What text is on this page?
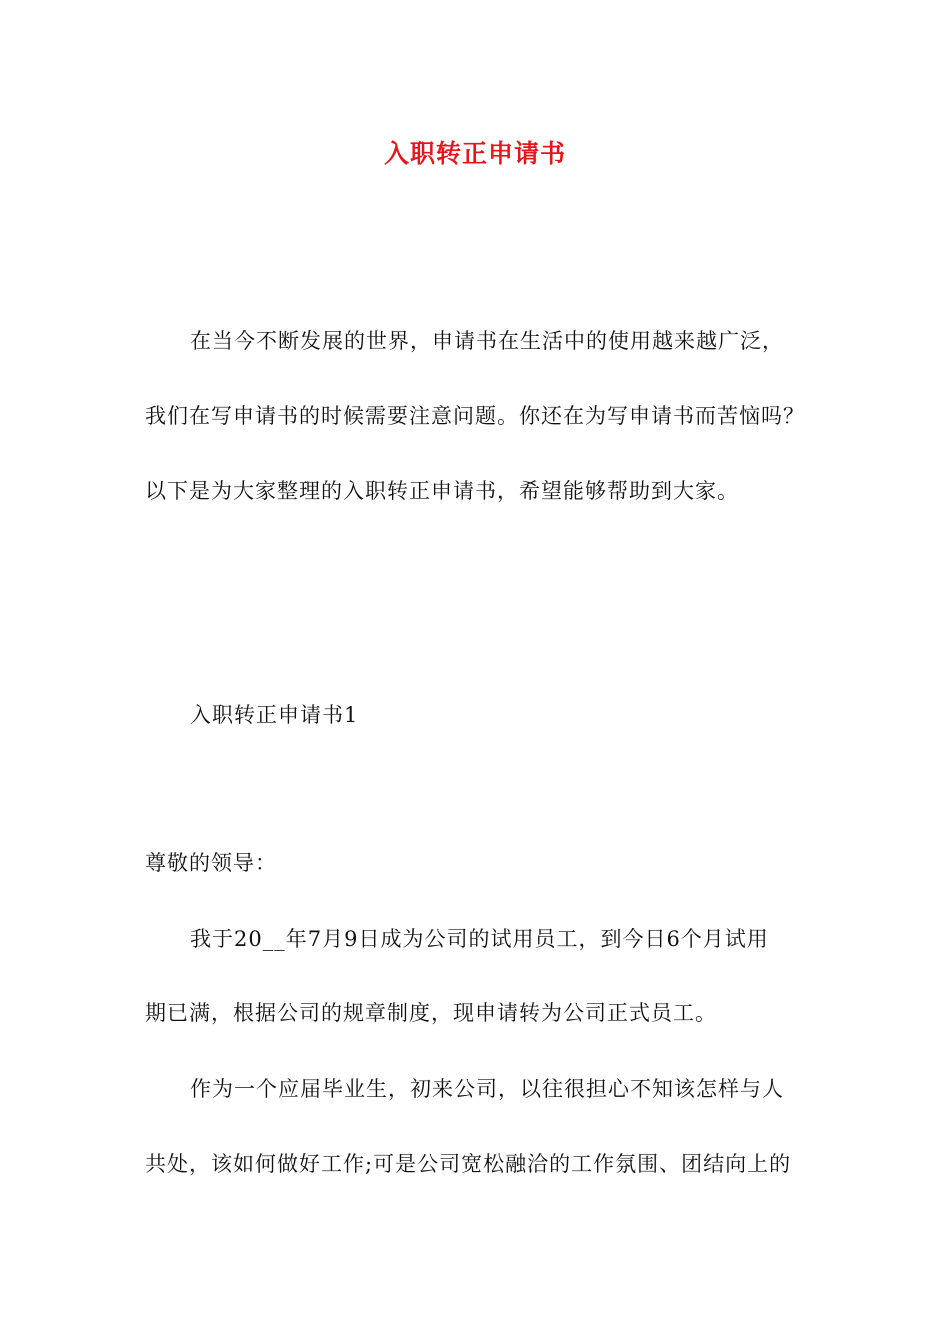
入职转正申请书
在当今不断发展的世界，申请书在生活中的使用越来越广泛，
我们在写申请书的时候需要注意问题。你还在为写申请书而苦恼吗？
以下是为大家整理的入职转正申请书，希望能够帮助到大家。
入职转正申请书1
尊敬的领导：
我于20__年7月9日成为公司的试用员工，到今日6个月试用
期已满，根据公司的规章制度，现申请转为公司正式员工。
作为一个应届毕业生，初来公司，以往很担心不知该怎样与人
共处，该如何做好工作;可是公司宽松融洽的工作氛围、团结向上的
